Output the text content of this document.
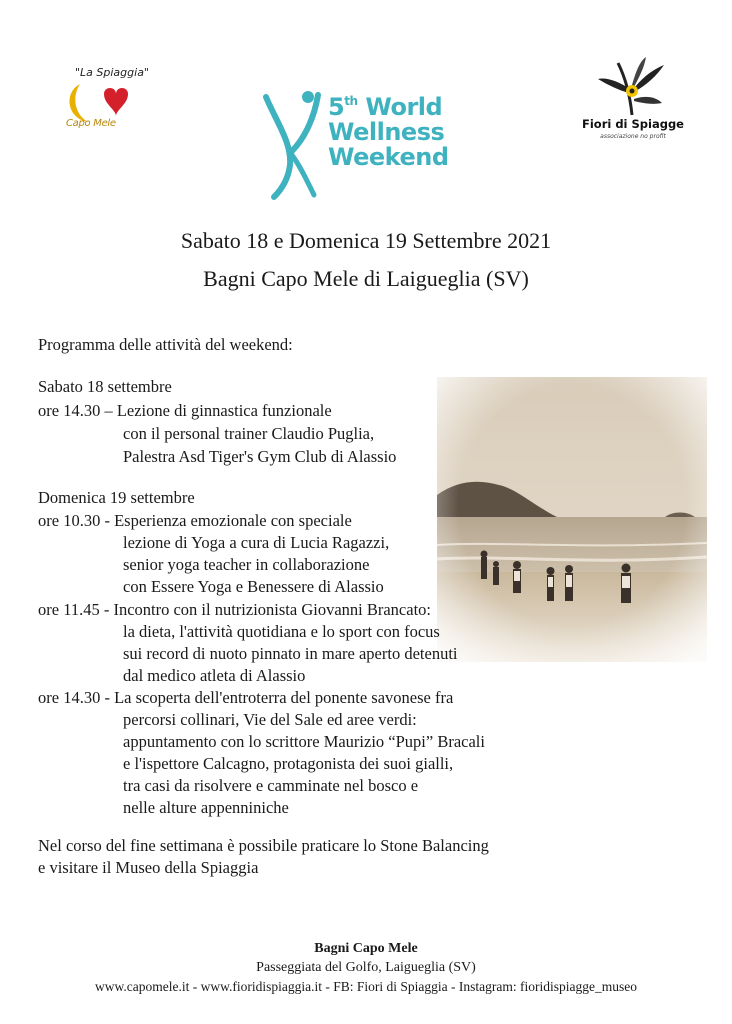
"La Spiaggia"
Capo Mele
5th World
Wellness
Weekend
Fiori di Spiagge
associazione no profit
Sabato 18 e Domenica 19 Settembre 2021
Bagni Capo Mele di Laigueglia (SV)
Programma delle attività del weekend:
Sabato 18 settembre
ore 14.30 – Lezione di ginnastica funzionale
con il personal trainer Claudio Puglia,
Palestra Asd Tiger's Gym Club di Alassio
Domenica 19 settembre
ore 10.30 - Esperienza emozionale con speciale
lezione di Yoga a cura di Lucia Ragazzi,
senior yoga teacher in collaborazione
con Essere Yoga e Benessere di Alassio
ore 11.45 - Incontro con il nutrizionista Giovanni Brancato:
la dieta, l'attività quotidiana e lo sport con focus
sui record di nuoto pinnato in mare aperto detenuti
dal medico atleta di Alassio
ore 14.30 - La scoperta dell'entroterra del ponente savonese fra
percorsi collinari, Vie del Sale ed aree verdi:
appuntamento con lo scrittore Maurizio “Pupi” Bracali
e l'ispettore Calcagno, protagonista dei suoi gialli,
tra casi da risolvere e camminate nel bosco e
nelle alture appenniniche
Nel corso del fine settimana è possibile praticare lo Stone Balancing
e visitare il Museo della Spiaggia
Bagni Capo Mele
Passeggiata del Golfo, Laigueglia (SV)
www.capomele.it - www.fioridispiaggia.it - FB: Fiori di Spiaggia - Instagram: fioridispiagge_museo
